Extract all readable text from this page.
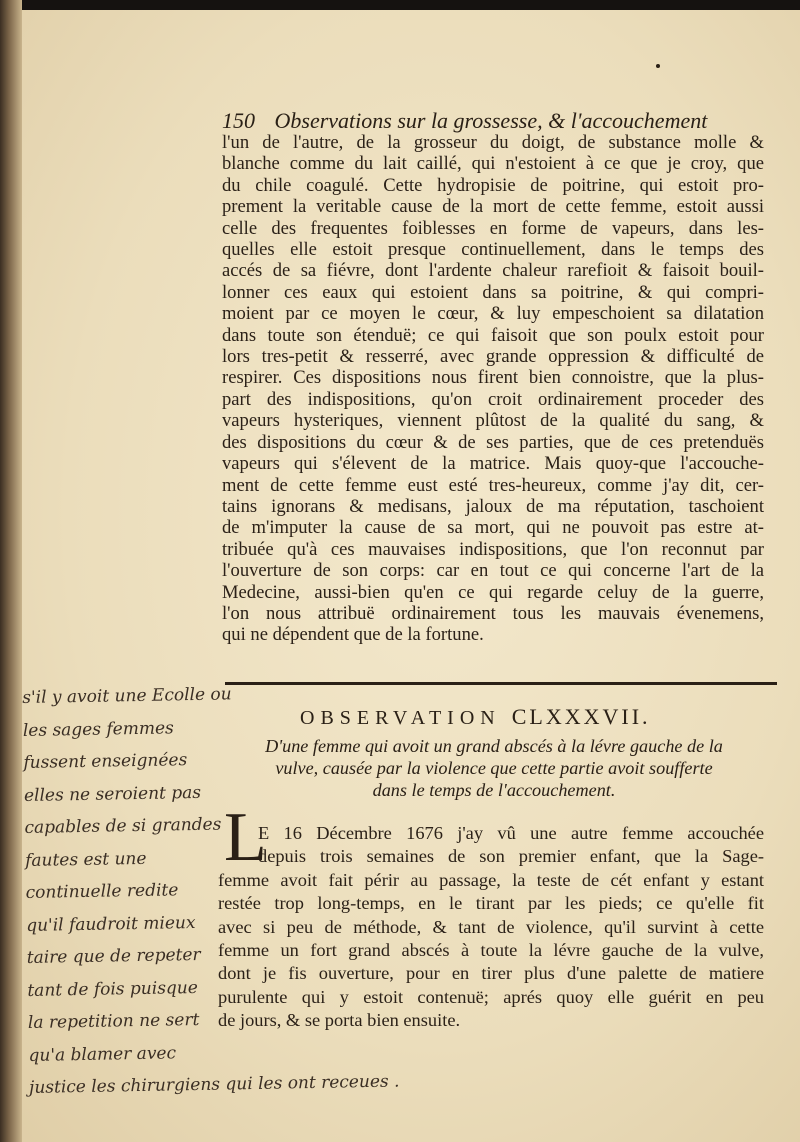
150 Observations sur la grossesse, & l'accouchement
l'un de l'autre, de la grosseur du doigt, de substance molle &
blanche comme du lait caillé, qui n'estoient à ce que je croy, que
du chile coagulé. Cette hydropisie de poitrine, qui estoit pro-
prement la veritable cause de la mort de cette femme, estoit aussi
celle des frequentes foiblesses en forme de vapeurs, dans les-
quelles elle estoit presque continuellement, dans le temps des
accés de sa fiévre, dont l'ardente chaleur rarefioit & faisoit bouil-
lonner ces eaux qui estoient dans sa poitrine, & qui compri-
moient par ce moyen le cœur, & luy empeschoient sa dilatation
dans toute son étenduë; ce qui faisoit que son poulx estoit pour
lors tres-petit & resserré, avec grande oppression & difficulté de
respirer. Ces dispositions nous firent bien connoistre, que la plus-
part des indispositions, qu'on croit ordinairement proceder des
vapeurs hysteriques, viennent plûtost de la qualité du sang, &
des dispositions du cœur & de ses parties, que de ces pretenduës
vapeurs qui s'élevent de la matrice. Mais quoy-que l'accouche-
ment de cette femme eust esté tres-heureux, comme j'ay dit, cer-
tains ignorans & medisans, jaloux de ma réputation, taschoient
de m'imputer la cause de sa mort, qui ne pouvoit pas estre at-
tribuée qu'à ces mauvaises indispositions, que l'on reconnut par
l'ouverture de son corps: car en tout ce qui concerne l'art de la
Medecine, aussi-bien qu'en ce qui regarde celuy de la guerre,
l'on nous attribuë ordinairement tous les mauvais évenemens,
qui ne dépendent que de la fortune.
OBSERVATION CLXXXVII.
D'une femme qui avoit un grand abscés à la lévre gauche de la
vulve, causée par la violence que cette partie avoit soufferte
dans le temps de l'accouchement.
L
E 16 Décembre 1676 j'ay vû une autre femme accouchée
depuis trois semaines de son premier enfant, que la Sage-
femme avoit fait périr au passage, la teste de cét enfant y estant
restée trop long-temps, en le tirant par les pieds; ce qu'elle fit
avec si peu de méthode, & tant de violence, qu'il survint à cette
femme un fort grand abscés à toute la lévre gauche de la vulve,
dont je fis ouverture, pour en tirer plus d'une palette de matiere
purulente qui y estoit contenuë; aprés quoy elle guérit en peu
de jours, & se porta bien ensuite.
s'il y avoit une Ecolle ou
les sages femmes
fussent enseignées
elles ne seroient pas
capables de si grandes
fautes est une
continuelle redite
qu'il faudroit mieux
taire que de repeter
tant de fois puisque
la repetition ne sert
qu'a blamer avec
justice les chirurgiens qui les ont receues .
